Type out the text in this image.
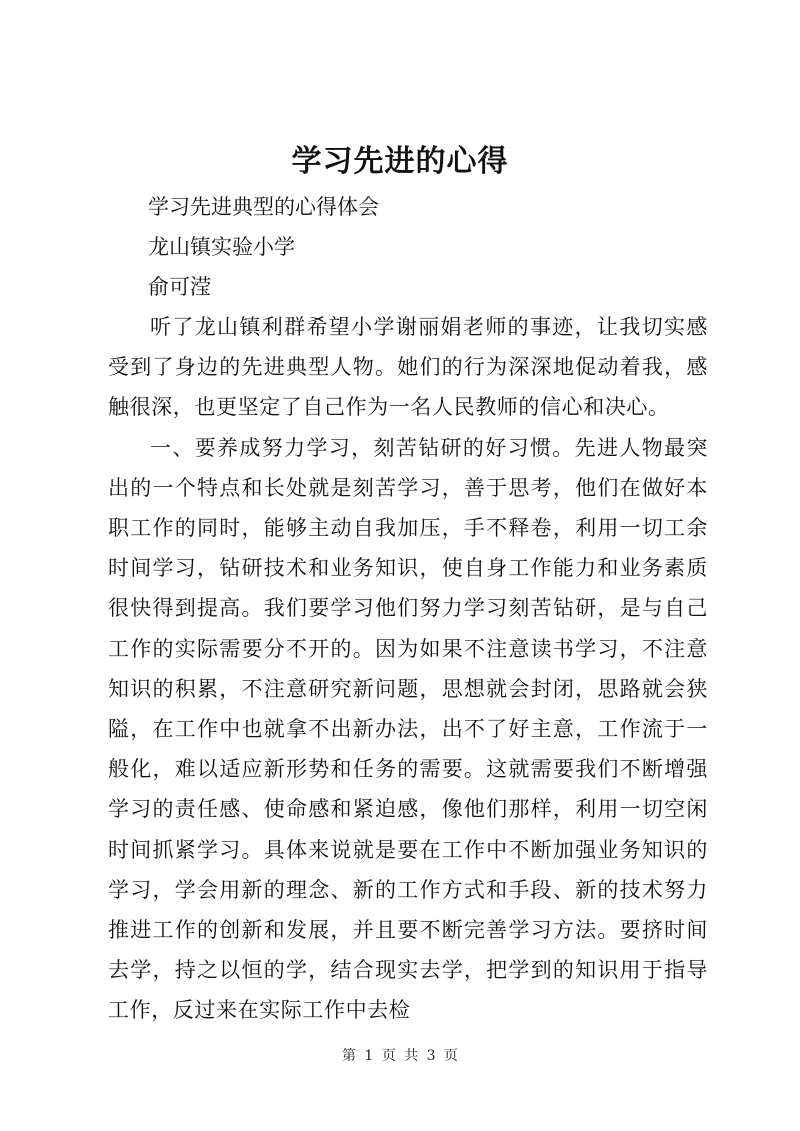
学习先进的心得

学习先进典型的心得体会

龙山镇实验小学

俞可滢

听了龙山镇利群希望小学谢丽娟老师的事迹，让我切实感受到了身边的先进典型人物。她们的行为深深地促动着我，感触很深，也更坚定了自己作为一名人民教师的信心和决心。

一、要养成努力学习，刻苦钻研的好习惯。先进人物最突出的一个特点和长处就是刻苦学习，善于思考，他们在做好本职工作的同时，能够主动自我加压，手不释卷，利用一切工余时间学习，钻研技术和业务知识，使自身工作能力和业务素质很快得到提高。我们要学习他们努力学习刻苦钻研，是与自己工作的实际需要分不开的。因为如果不注意读书学习，不注意知识的积累，不注意研究新问题，思想就会封闭，思路就会狭隘，在工作中也就拿不出新办法，出不了好主意，工作流于一般化，难以适应新形势和任务的需要。这就需要我们不断增强学习的责任感、使命感和紧迫感，像他们那样，利用一切空闲时间抓紧学习。具体来说就是要在工作中不断加强业务知识的学习，学会用新的理念、新的工作方式和手段、新的技术努力推进工作的创新和发展，并且要不断完善学习方法。要挤时间去学，持之以恒的学，结合现实去学，把学到的知识用于指导工作，反过来在实际工作中去检

第 1 页 共 3 页
